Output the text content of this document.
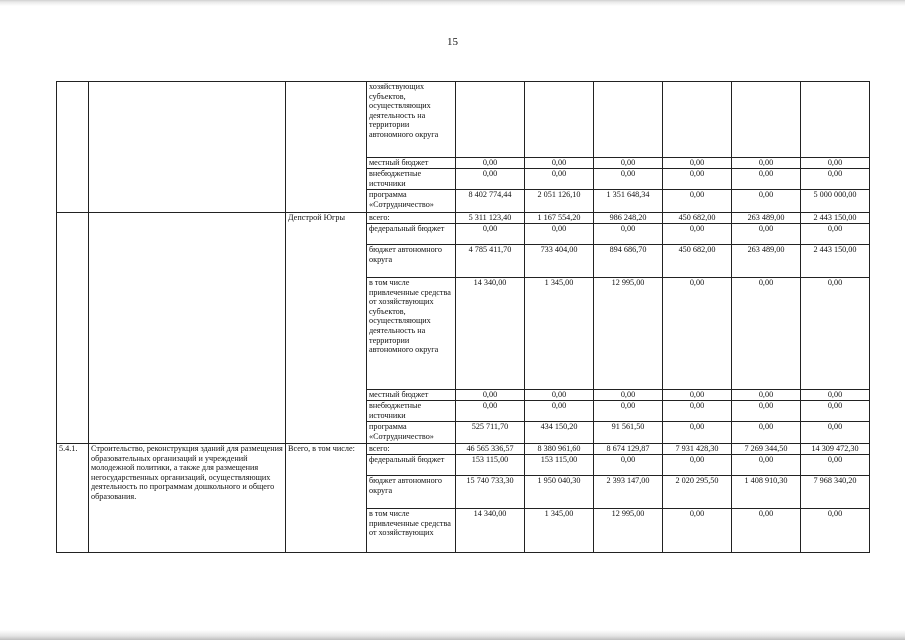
15
			хозяйствующих субъектов, осуществляющих деятельность на территории автономного округа						
			местный бюджет	0,00	0,00	0,00	0,00	0,00	0,00
			внебюджетные источники	0,00	0,00	0,00	0,00	0,00	0,00
			программа «Сотрудничество»	8 402 774,44	2 051 126,10	1 351 648,34	0,00	0,00	5 000 000,00
		Депстрой Югры	всего:	5 311 123,40	1 167 554,20	986 248,20	450 682,00	263 489,00	2 443 150,00
			федеральный бюджет	0,00	0,00	0,00	0,00	0,00	0,00
			бюджет автономного округа	4 785 411,70	733 404,00	894 686,70	450 682,00	263 489,00	2 443 150,00
			в том числе привлеченные средства от хозяйствующих субъектов, осуществляющих деятельность на территории автономного округа	14 340,00	1 345,00	12 995,00	0,00	0,00	0,00
			местный бюджет	0,00	0,00	0,00	0,00	0,00	0,00
			внебюджетные источники	0,00	0,00	0,00	0,00	0,00	0,00
			программа «Сотрудничество»	525 711,70	434 150,20	91 561,50	0,00	0,00	0,00
5.4.1.	Строительство, реконструкция зданий для размещения образовательных организаций и учреждений молодежной политики, а также для размещения негосударственных организаций, осуществляющих деятельность по программам дошкольного и общего образования.	Всего, в том числе:	всего:	46 565 336,57	8 380 961,60	8 674 129,87	7 931 428,30	7 269 344,50	14 309 472,30
			федеральный бюджет	153 115,00	153 115,00	0,00	0,00	0,00	0,00
			бюджет автономного округа	15 740 733,30	1 950 040,30	2 393 147,00	2 020 295,50	1 408 910,30	7 968 340,20
			в том числе привлеченные средства от хозяйствующих	14 340,00	1 345,00	12 995,00	0,00	0,00	0,00
